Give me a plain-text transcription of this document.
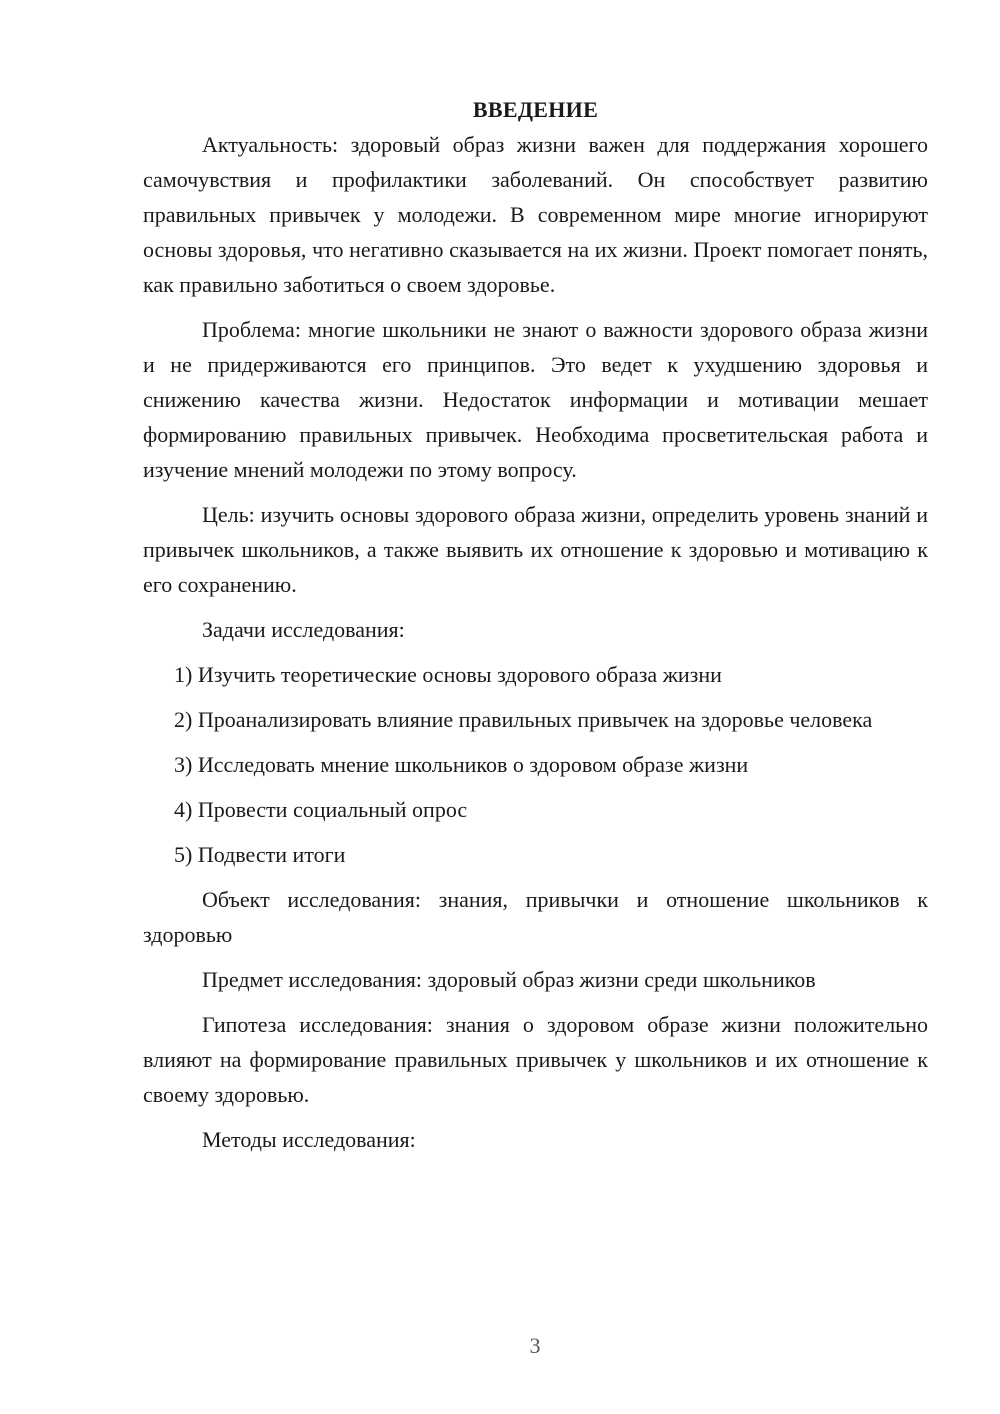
ВВЕДЕНИЕ

Актуальность: здоровый образ жизни важен для поддержания хорошего самочувствия и профилактики заболеваний. Он способствует развитию правильных привычек у молодежи. В современном мире многие игнорируют основы здоровья, что негативно сказывается на их жизни. Проект помогает понять, как правильно заботиться о своем здоровье.

Проблема: многие школьники не знают о важности здорового образа жизни и не придерживаются его принципов. Это ведет к ухудшению здоровья и снижению качества жизни. Недостаток информации и мотивации мешает формированию правильных привычек. Необходима просветительская работа и изучение мнений молодежи по этому вопросу.

Цель: изучить основы здорового образа жизни, определить уровень знаний и привычек школьников, а также выявить их отношение к здоровью и мотивацию к его сохранению.

Задачи исследования:

1) Изучить теоретические основы здорового образа жизни

2) Проанализировать влияние правильных привычек на здоровье человека

3) Исследовать мнение школьников о здоровом образе жизни

4) Провести социальный опрос

5) Подвести итоги

Объект исследования: знания, привычки и отношение школьников к здоровью

Предмет исследования: здоровый образ жизни среди школьников

Гипотеза исследования: знания о здоровом образе жизни положительно влияют на формирование правильных привычек у школьников и их отношение к своему здоровью.

Методы исследования:

3
